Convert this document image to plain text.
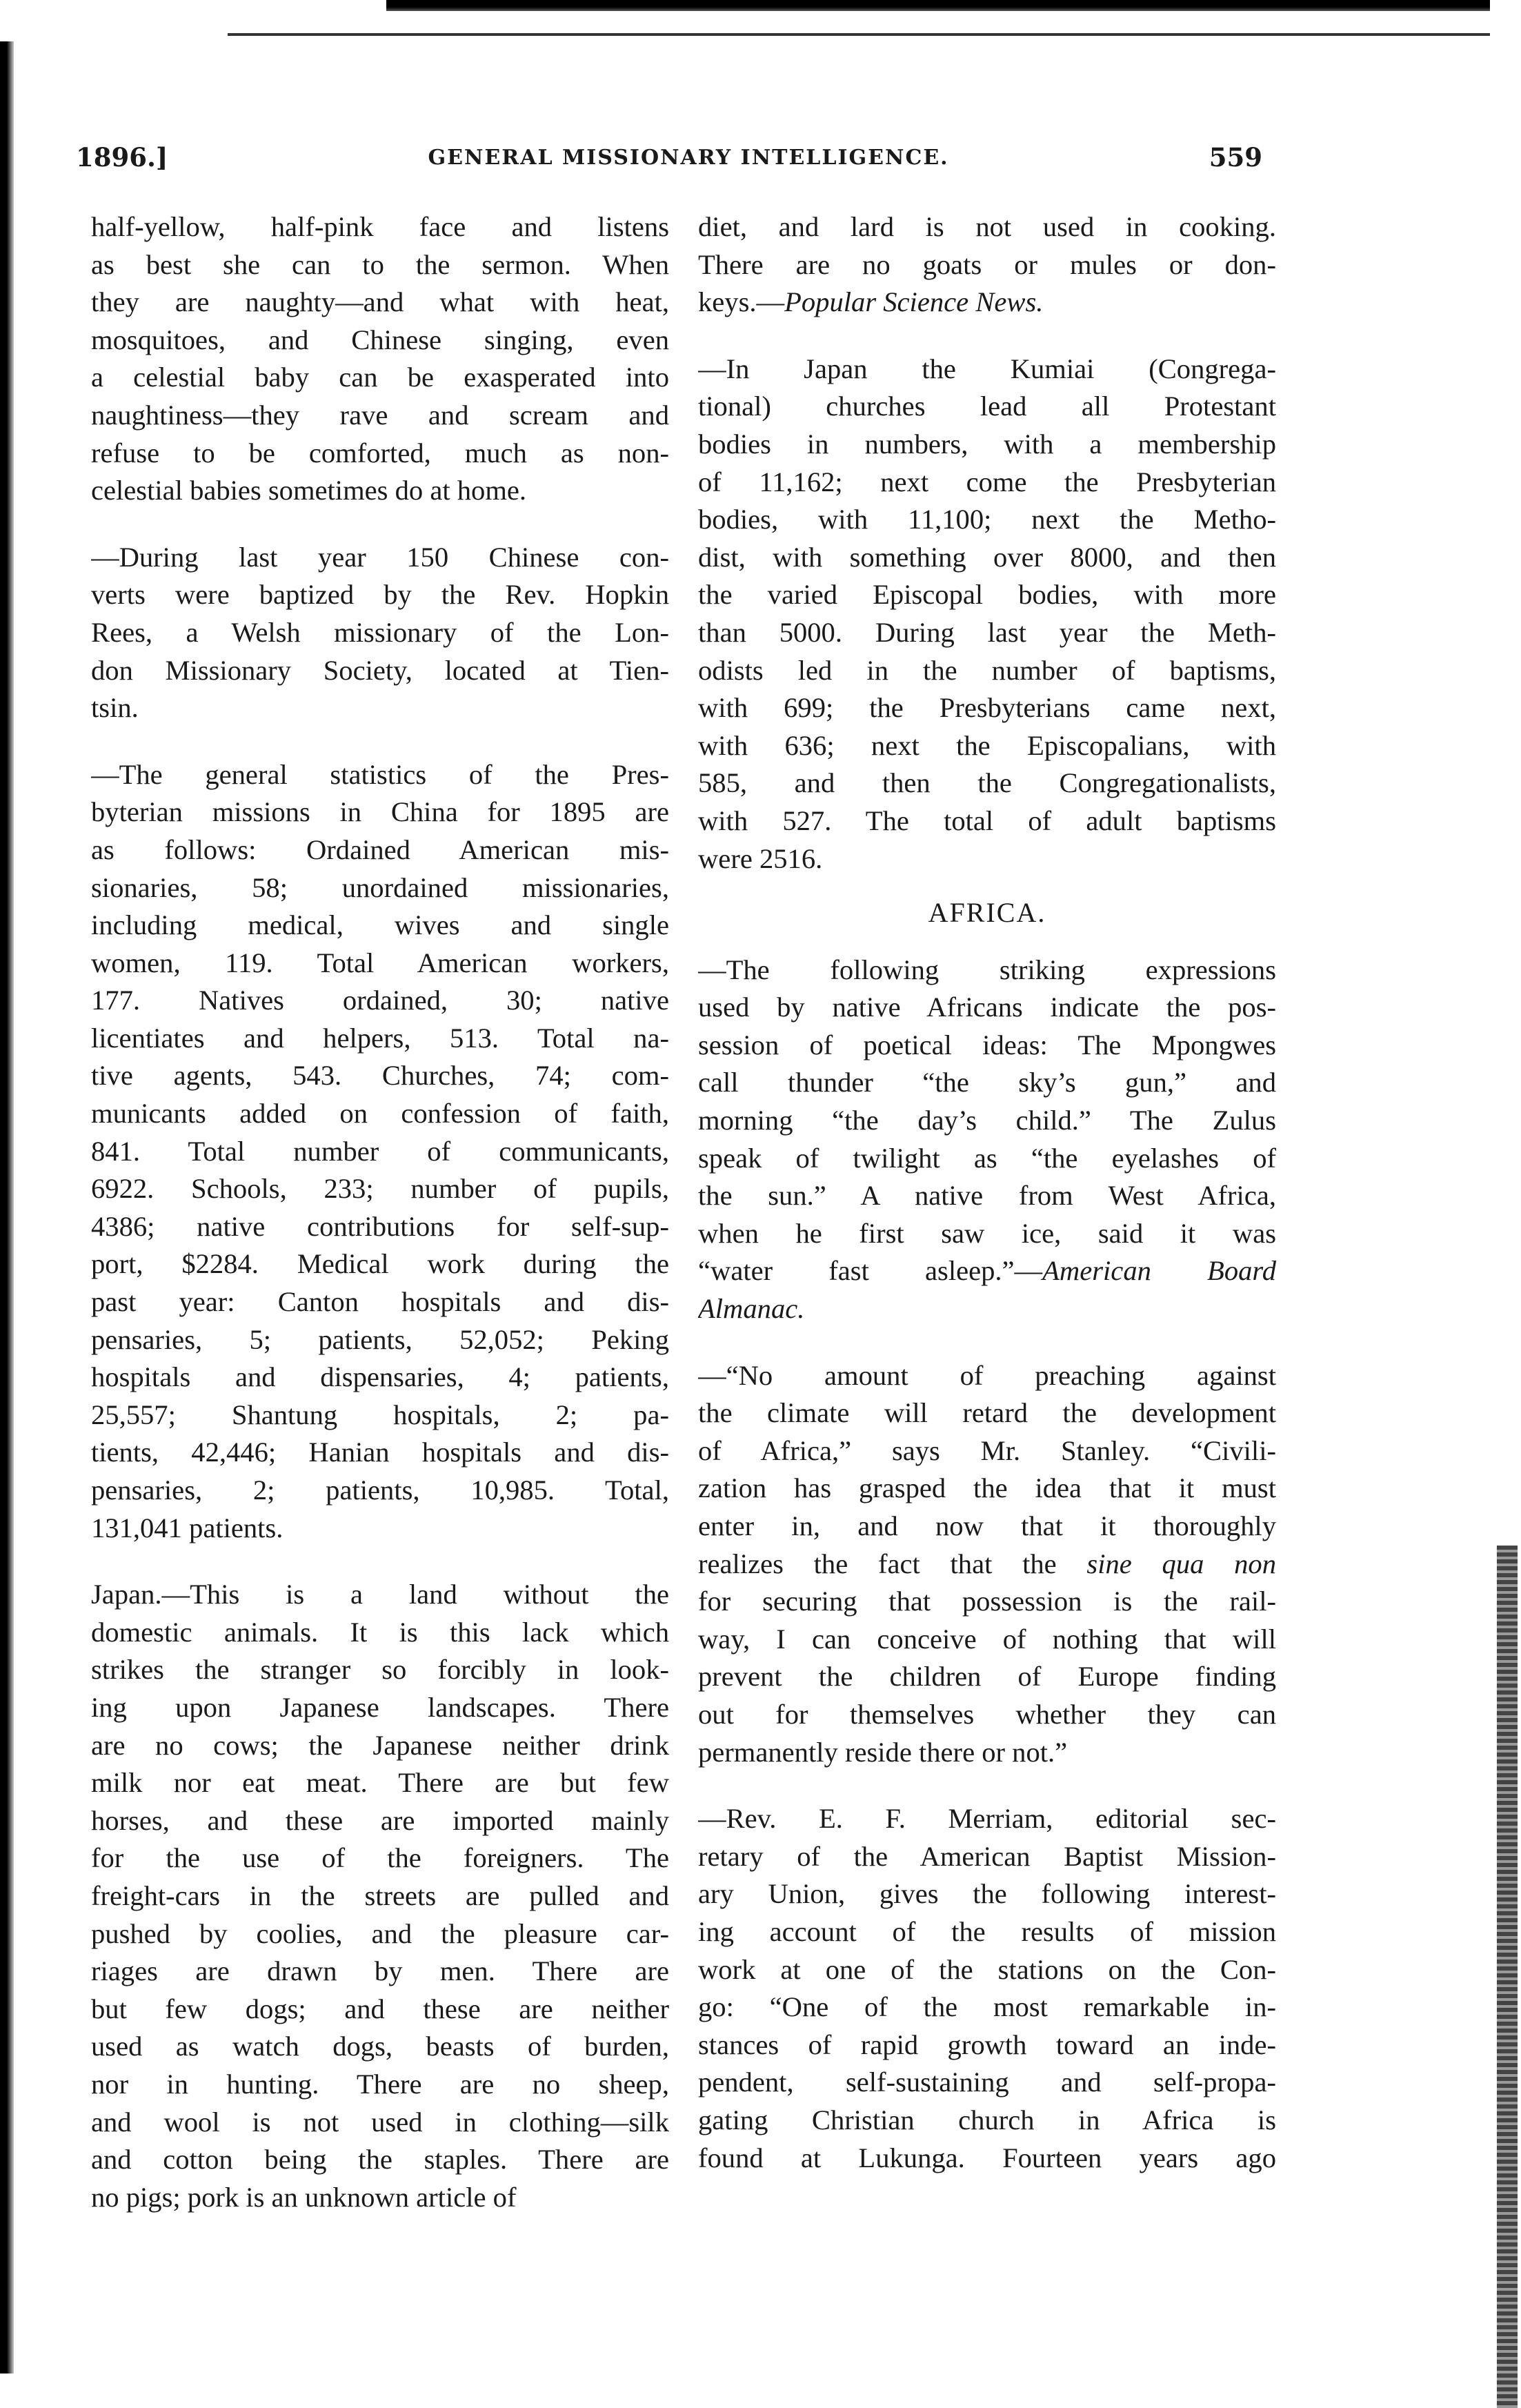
1896.]	GENERAL MISSIONARY INTELLIGENCE.	559
half-yellow, half-pink face and listens
as best she can to the sermon. When
they are naughty—and what with heat,
mosquitoes, and Chinese singing, even
a celestial baby can be exasperated into
naughtiness—they rave and scream and
refuse to be comforted, much as non-
celestial babies sometimes do at home.
—During last year 150 Chinese con-
verts were baptized by the Rev. Hopkin
Rees, a Welsh missionary of the Lon-
don Missionary Society, located at Tien-
tsin.
—The general statistics of the Pres-
byterian missions in China for 1895 are
as follows: Ordained American mis-
sionaries, 58; unordained missionaries,
including medical, wives and single
women, 119. Total American workers,
177. Natives ordained, 30; native
licentiates and helpers, 513. Total na-
tive agents, 543. Churches, 74; com-
municants added on confession of faith,
841. Total number of communicants,
6922. Schools, 233; number of pupils,
4386; native contributions for self-sup-
port, $2284. Medical work during the
past year: Canton hospitals and dis-
pensaries, 5; patients, 52,052; Peking
hospitals and dispensaries, 4; patients,
25,557; Shantung hospitals, 2; pa-
tients, 42,446; Hanian hospitals and dis-
pensaries, 2; patients, 10,985. Total,
131,041 patients.
Japan.—This is a land without the
domestic animals. It is this lack which
strikes the stranger so forcibly in look-
ing upon Japanese landscapes. There
are no cows; the Japanese neither drink
milk nor eat meat. There are but few
horses, and these are imported mainly
for the use of the foreigners. The
freight-cars in the streets are pulled and
pushed by coolies, and the pleasure car-
riages are drawn by men. There are
but few dogs; and these are neither
used as watch dogs, beasts of burden,
nor in hunting. There are no sheep,
and wool is not used in clothing—silk
and cotton being the staples. There are
no pigs; pork is an unknown article of
diet, and lard is not used in cooking.
There are no goats or mules or don-
keys.—Popular Science News.
—In Japan the Kumiai (Congrega-
tional) churches lead all Protestant
bodies in numbers, with a membership
of 11,162; next come the Presbyterian
bodies, with 11,100; next the Metho-
dist, with something over 8000, and then
the varied Episcopal bodies, with more
than 5000. During last year the Meth-
odists led in the number of baptisms,
with 699; the Presbyterians came next,
with 636; next the Episcopalians, with
585, and then the Congregationalists,
with 527. The total of adult baptisms
were 2516.
AFRICA.
—The following striking expressions
used by native Africans indicate the pos-
session of poetical ideas: The Mpongwes
call thunder “the sky’s gun,” and
morning “the day’s child.” The Zulus
speak of twilight as “the eyelashes of
the sun.” A native from West Africa,
when he first saw ice, said it was
“water fast asleep.”—American Board
Almanac.
—“No amount of preaching against
the climate will retard the development
of Africa,” says Mr. Stanley. “Civili-
zation has grasped the idea that it must
enter in, and now that it thoroughly
realizes the fact that the sine qua non
for securing that possession is the rail-
way, I can conceive of nothing that will
prevent the children of Europe finding
out for themselves whether they can
permanently reside there or not.”
—Rev. E. F. Merriam, editorial sec-
retary of the American Baptist Mission-
ary Union, gives the following interest-
ing account of the results of mission
work at one of the stations on the Con-
go: “One of the most remarkable in-
stances of rapid growth toward an inde-
pendent, self-sustaining and self-propa-
gating Christian church in Africa is
found at Lukunga. Fourteen years ago
